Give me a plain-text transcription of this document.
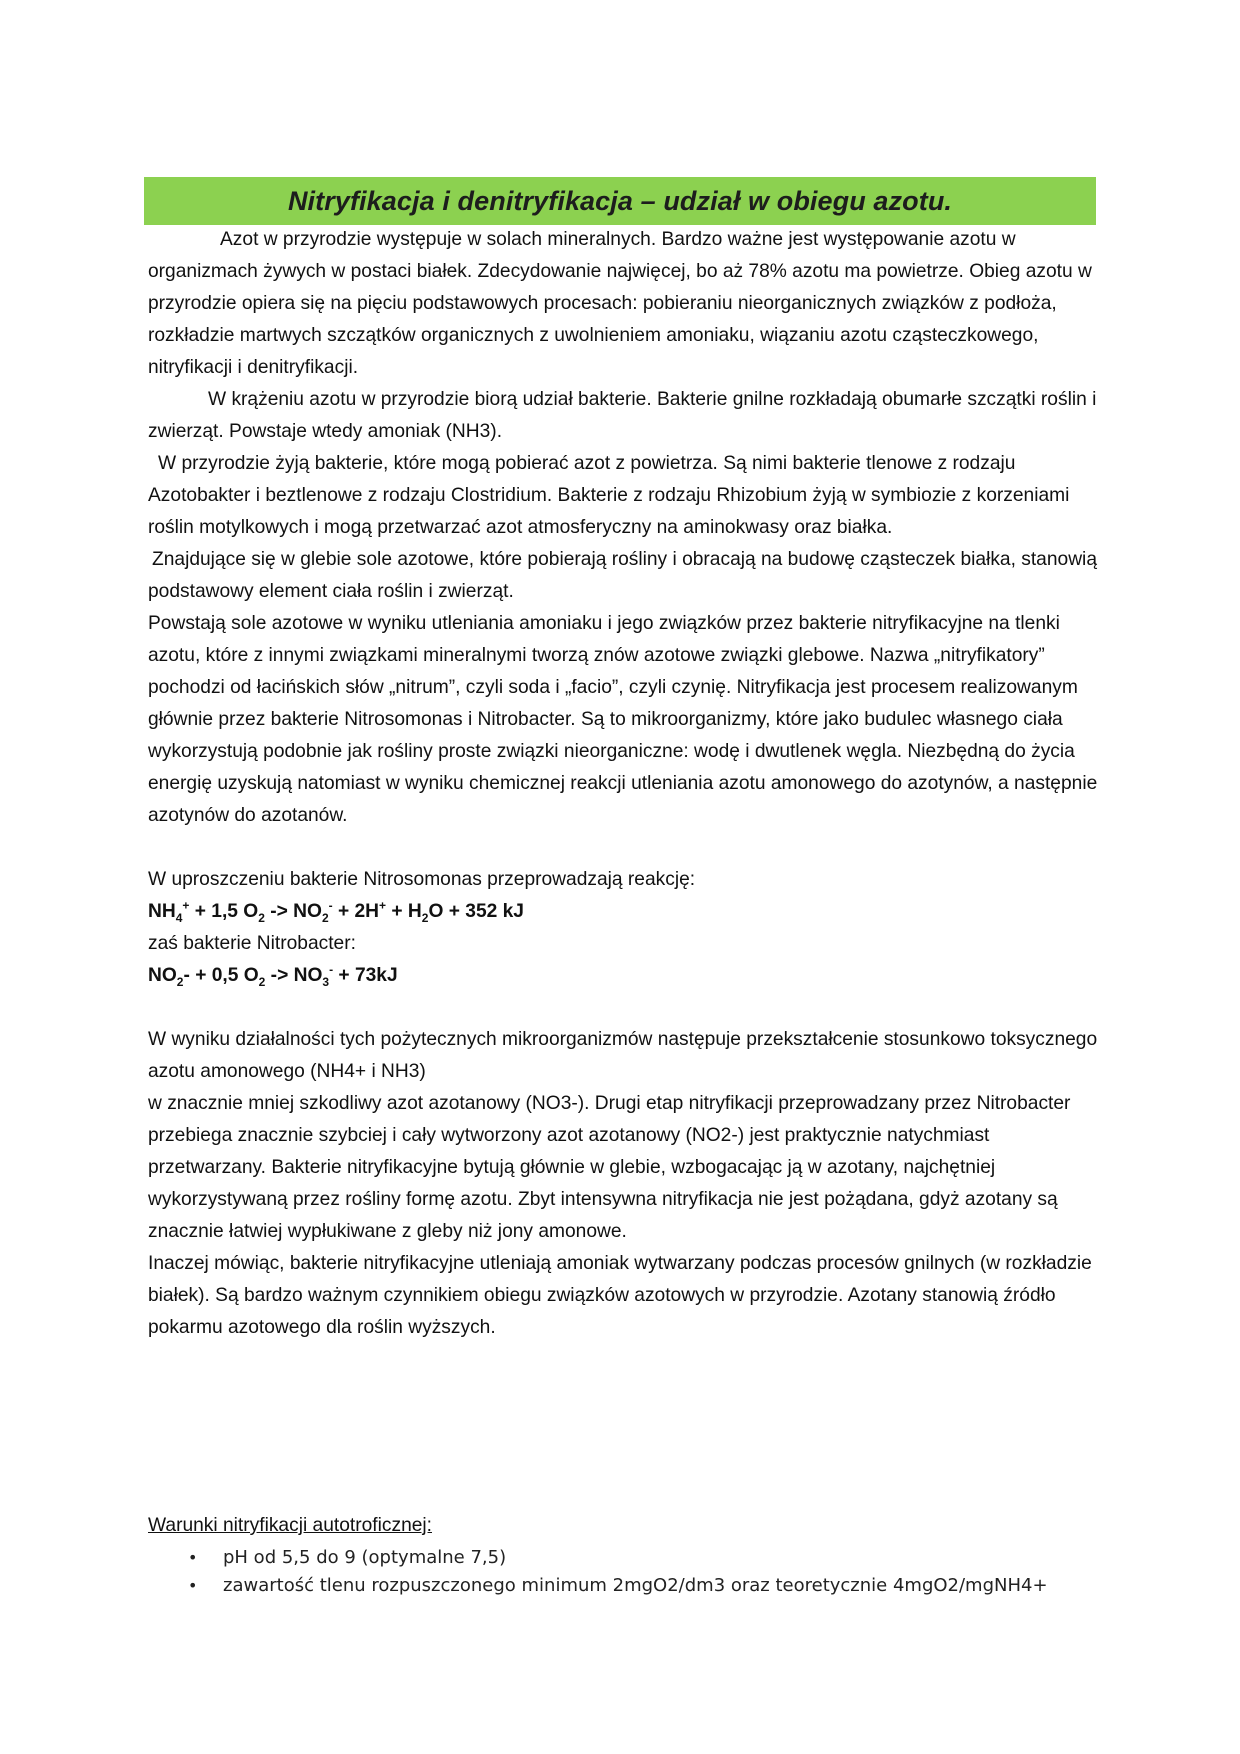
Nitryfikacja i denitryfikacja – udział w obiegu azotu.

Azot w przyrodzie występuje w solach mineralnych. Bardzo ważne jest występowanie azotu w organizmach żywych w postaci białek. Zdecydowanie najwięcej, bo aż 78% azotu ma powietrze. Obieg azotu w przyrodzie opiera się na pięciu podstawowych procesach: pobieraniu nieorganicznych związków z podłoża, rozkładzie martwych szczątków organicznych z uwolnieniem amoniaku, wiązaniu azotu cząsteczkowego, nitryfikacji i denitryfikacji.

W krążeniu azotu w przyrodzie biorą udział bakterie. Bakterie gnilne rozkładają obumarłe szczątki roślin i zwierząt. Powstaje wtedy amoniak (NH3).

W przyrodzie żyją bakterie, które mogą pobierać azot z powietrza. Są nimi bakterie tlenowe z rodzaju Azotobakter i beztlenowe z rodzaju Clostridium. Bakterie z rodzaju Rhizobium żyją w symbiozie z korzeniami roślin motylkowych i mogą przetwarzać azot atmosferyczny na aminokwasy oraz białka.

Znajdujące się w glebie sole azotowe, które pobierają rośliny i obracają na budowę cząsteczek białka, stanowią podstawowy element ciała roślin i zwierząt.

Powstają sole azotowe w wyniku utleniania amoniaku i jego związków przez bakterie nitryfikacyjne na tlenki azotu, które z innymi związkami mineralnymi tworzą znów azotowe związki glebowe. Nazwa „nitryfikatory” pochodzi od łacińskich słów „nitrum”, czyli soda i „facio”, czyli czynię. Nitryfikacja jest procesem realizowanym głównie przez bakterie Nitrosomonas i Nitrobacter. Są to mikroorganizmy, które jako budulec własnego ciała wykorzystują podobnie jak rośliny proste związki nieorganiczne: wodę i dwutlenek węgla. Niezbędną do życia energię uzyskują natomiast w wyniku chemicznej reakcji utleniania azotu amonowego do azotynów, a następnie azotynów do azotanów.

W uproszczeniu bakterie Nitrosomonas przeprowadzają reakcję:

$NH_4^+ + 1,5$ $O_2 -> NO_2^- + 2H^+ + H_2O + 352$ kJ

zaś bakterie Nitrobacter:

$NO_2- + 0,5$ $O_2 -> NO_3^- + 73kJ$

W wyniku działalności tych pożytecznych mikroorganizmów następuje przekształcenie stosunkowo toksycznego azotu amonowego (NH4+ i NH3)

w znacznie mniej szkodliwy azot azotanowy (NO3-). Drugi etap nitryfikacji przeprowadzany przez Nitrobacter przebiega znacznie szybciej i cały wytworzony azot azotanowy (NO2-) jest praktycznie natychmiast przetwarzany. Bakterie nitryfikacyjne bytują głównie w glebie, wzbogacając ją w azotany, najchętniej wykorzystywaną przez rośliny formę azotu. Zbyt intensywna nitryfikacja nie jest pożądana, gdyż azotany są znacznie łatwiej wypłukiwane z gleby niż jony amonowe.

Inaczej mówiąc, bakterie nitryfikacyjne utleniają amoniak wytwarzany podczas procesów gnilnych (w rozkładzie białek). Są bardzo ważnym czynnikiem obiegu związków azotowych w przyrodzie. Azotany stanowią źródło pokarmu azotowego dla roślin wyższych.

Warunki nitryfikacji autotroficznej:
• pH od 5,5 do 9 (optymalne 7,5)
• zawartość tlenu rozpuszczonego minimum 2mgO2/dm3 oraz teoretycznie 4mgO2/mgNH4+
